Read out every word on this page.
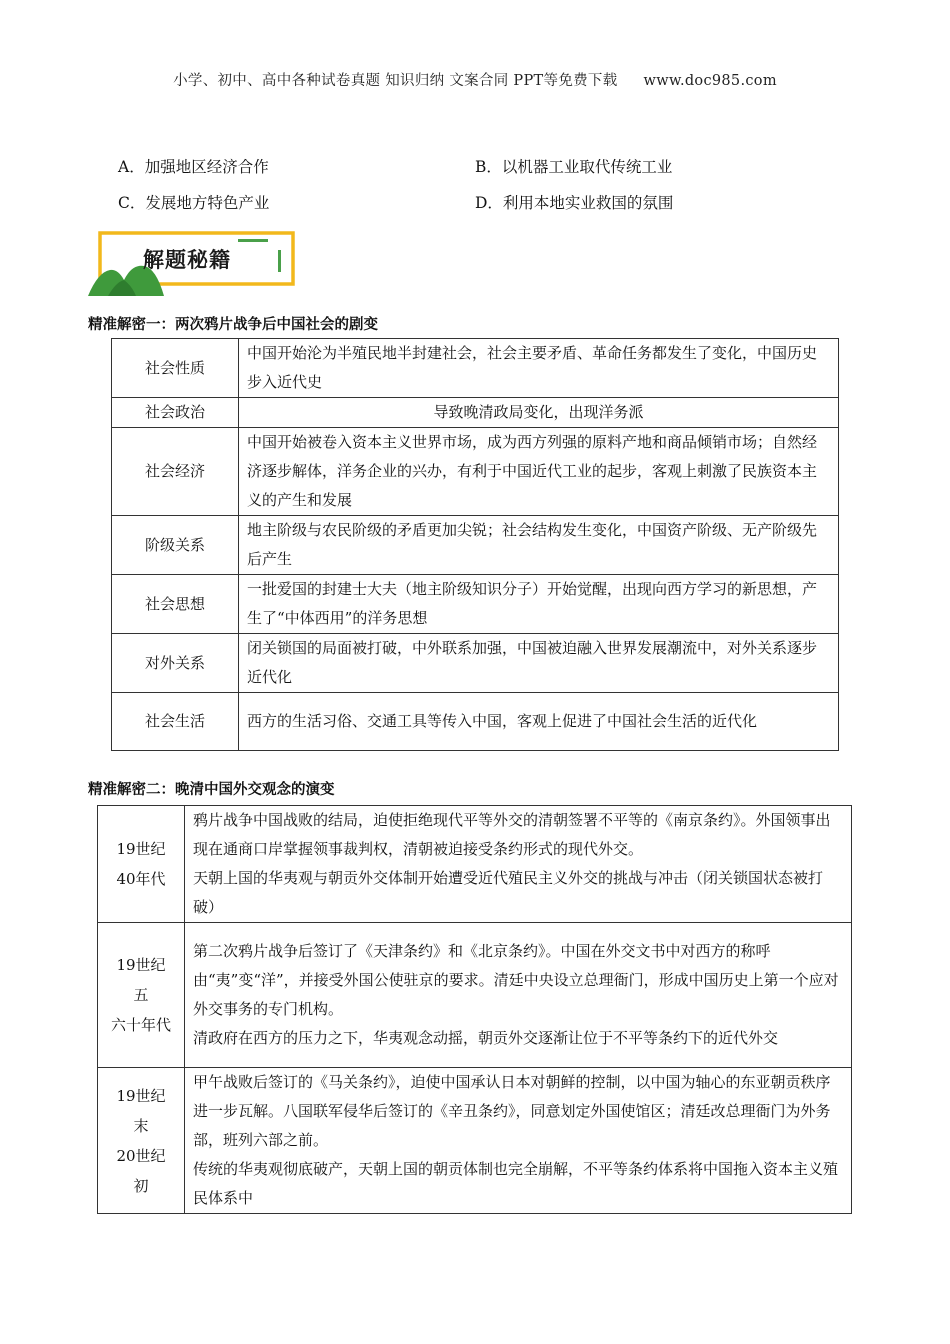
小学、初中、高中各种试卷真题 知识归纳 文案合同 PPT等免费下载 www.doc985.com
A．加强地区经济合作	B．以机器工业取代传统工业
C．发展地方特色产业	D．利用本地实业救国的氛围
解题秘籍
精准解密一：两次鸦片战争后中国社会的剧变
社会性质	中国开始沦为半殖民地半封建社会，社会主要矛盾、革命任务都发生了变化，中国历史步入近代史
社会政治	导致晚清政局变化，出现洋务派
社会经济	中国开始被卷入资本主义世界市场，成为西方列强的原料产地和商品倾销市场；自然经济逐步解体，洋务企业的兴办，有利于中国近代工业的起步，客观上刺激了民族资本主义的产生和发展
阶级关系	地主阶级与农民阶级的矛盾更加尖锐；社会结构发生变化，中国资产阶级、无产阶级先后产生
社会思想	一批爱国的封建士大夫（地主阶级知识分子）开始觉醒，出现向西方学习的新思想，产生了“中体西用”的洋务思想
对外关系	闭关锁国的局面被打破，中外联系加强，中国被迫融入世界发展潮流中，对外关系逐步近代化
社会生活	西方的生活习俗、交通工具等传入中国，客观上促进了中国社会生活的近代化
精准解密二：晚清中国外交观念的演变
19世纪
40年代	鸦片战争中国战败的结局，迫使拒绝现代平等外交的清朝签署不平等的《南京条约》。外国领事出现在通商口岸掌握领事裁判权，清朝被迫接受条约形式的现代外交。
天朝上国的华夷观与朝贡外交体制开始遭受近代殖民主义外交的挑战与冲击（闭关锁国状态被打破）

19世纪
五
六十年代	第二次鸦片战争后签订了《天津条约》和《北京条约》。中国在外交文书中对西方的称呼由“夷”变“洋”，并接受外国公使驻京的要求。清廷中央设立总理衙门，形成中国历史上第一个应对外交事务的专门机构。
清政府在西方的压力之下，华夷观念动摇，朝贡外交逐渐让位于不平等条约下的近代外交

19世纪
末
20世纪
初	甲午战败后签订的《马关条约》，迫使中国承认日本对朝鲜的控制，以中国为轴心的东亚朝贡秩序进一步瓦解。八国联军侵华后签订的《辛丑条约》，同意划定外国使馆区；清廷改总理衙门为外务部，班列六部之前。
传统的华夷观彻底破产，天朝上国的朝贡体制也完全崩解，不平等条约体系将中国拖入资本主义殖民体系中
